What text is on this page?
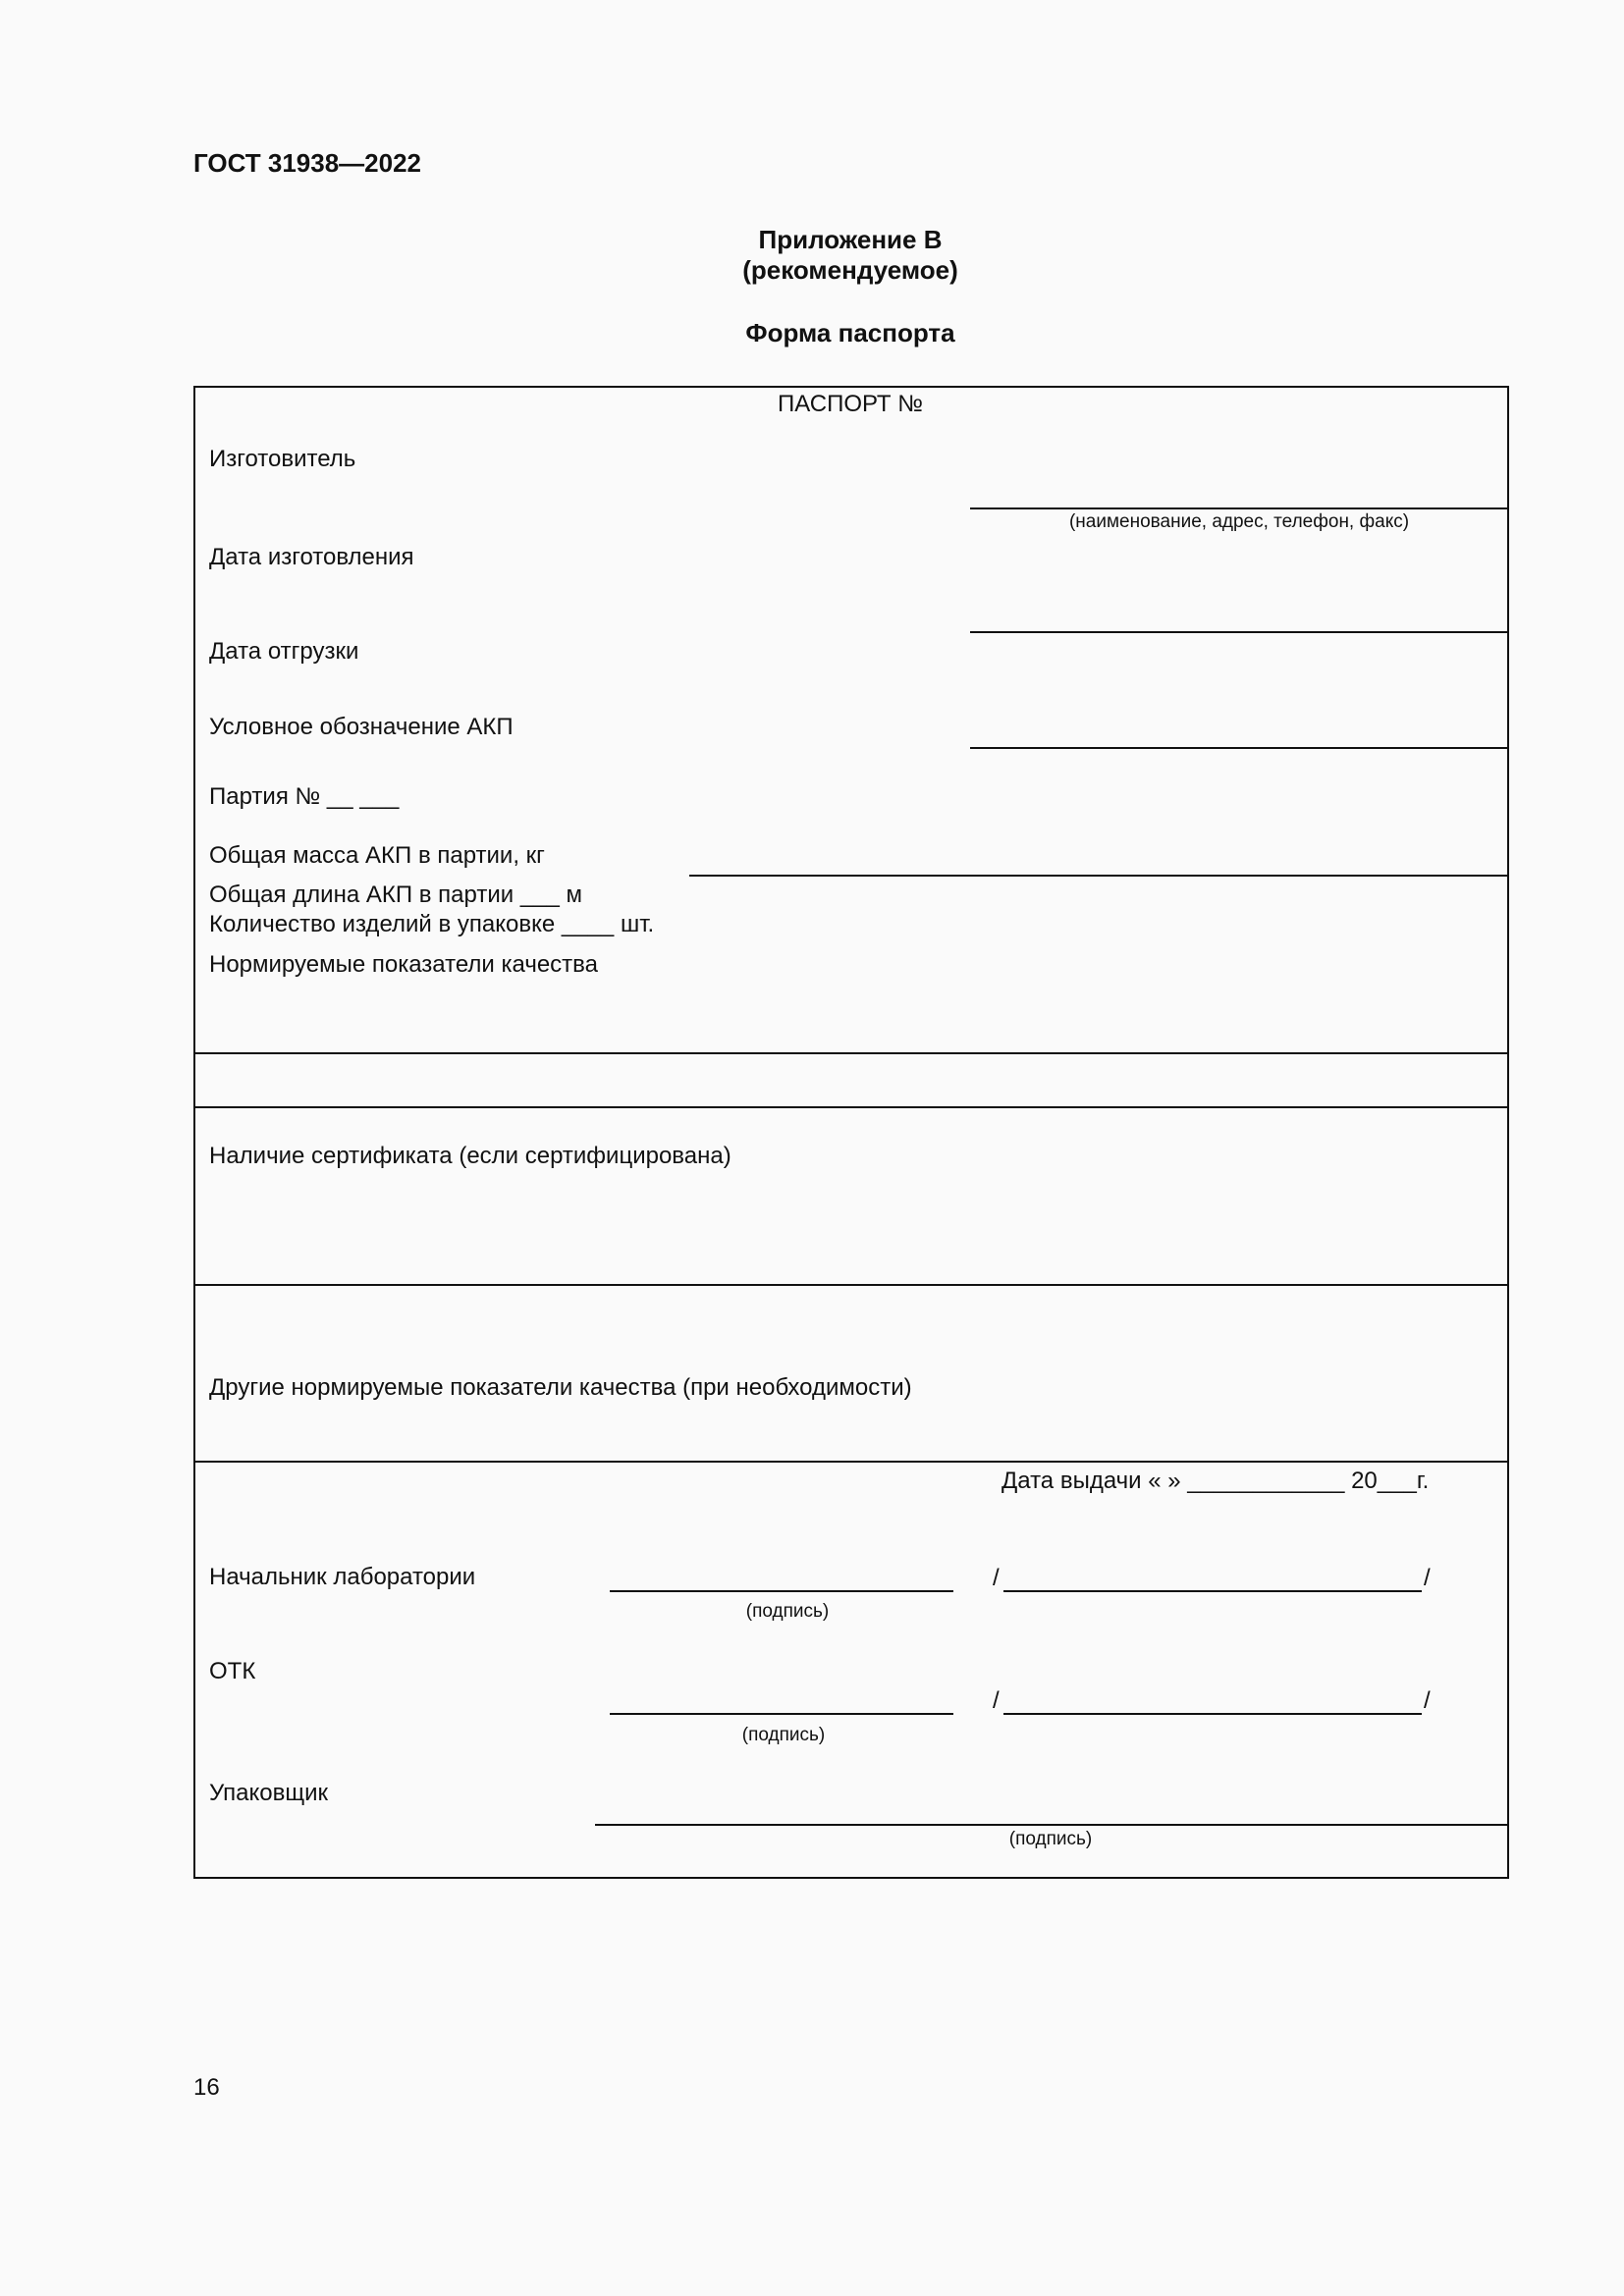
ГОСТ 31938—2022
Приложение В
(рекомендуемое)
Форма паспорта
ПАСПОРТ №
Изготовитель
(наименование, адрес, телефон, факс)
Дата изготовления
Дата отгрузки
Условное обозначение АКП
Партия № __ ___
Общая масса АКП в партии, кг
Общая длина АКП в партии ___ м
Количество изделий в упаковке ____ шт.
Нормируемые показатели качества
Наличие сертификата (если сертифицирована)
Другие нормируемые показатели качества (при необходимости)
Дата выдачи « » ____________ 20___г.
Начальник лаборатории	/	/
(подпись)
ОТК
/	/
(подпись)
Упаковщик
(подпись)
16
